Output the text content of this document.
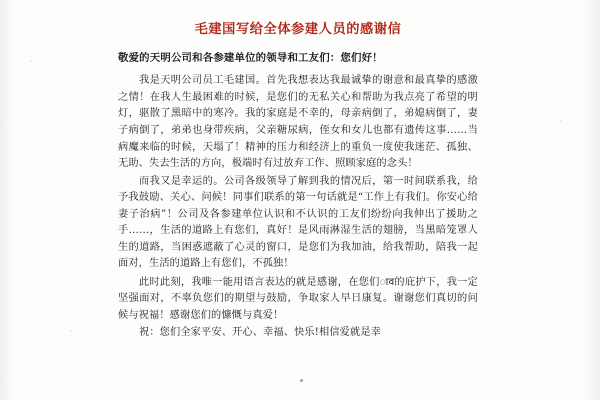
毛建国写给全体参建人员的感谢信
敬爱的天明公司和各参建单位的领导和工友们：您们好！

我是天明公司员工毛建国。首先我想表达我最诚挚的谢意和最真挚的感激之情！在我人生最困难的时候，是您们的无私关心和帮助为我点亮了希望的明灯，驱散了黑暗中的寒冷。我的家庭是不幸的，母亲病倒了，弟媳病倒了，妻子病倒了，弟弟也身带疾病，父亲糖尿病，侄女和女儿也都有遗传这事……当病魔来临的时候，天塌了！精神的压力和经济上的重负一度使我迷茫、孤独、无助、失去生活的方向，极端时有过放弃工作、照顾家庭的念头！

而我又是幸运的。公司各级领导了解到我的情况后，第一时间联系我，给予我鼓励、关心、问候！同事们联系的第一句话就是“工作上有我们。你安心给妻子治病”！公司及各参建单位认识和不认识的工友们纷纷向我伸出了援助之手……，生活的道路上有您们，真好！是风雨淋湿生活的翅膀，当黑暗笼罩人生的道路，当困惑遮蔽了心灵的窗口，是您们为我加油，给我帮助，陪我一起面对，生活的道路上有您们，不孤独！

此时此刻，我唯一能用语言表达的就是感谢，在您们ाव的庇护下，我一定坚强面对，不辜负您们的期望与鼓励，争取家人早日康复。谢谢您们真切的问候与祝福！感谢您们的慷慨与真爱！

祝：您们全家平安、开心、幸福、快乐!相信爱就是幸
